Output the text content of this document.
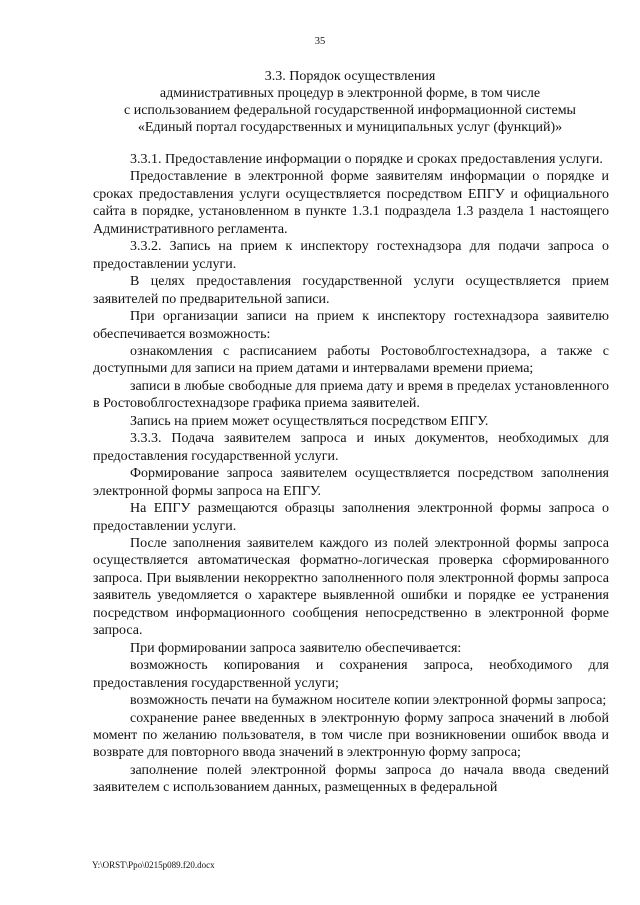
35
3.3. Порядок осуществления
административных процедур в электронной форме, в том числе
с использованием федеральной государственной информационной системы
«Единый портал государственных и муниципальных услуг (функций)»

3.3.1. Предоставление информации о порядке и сроках предоставления услуги.

Предоставление в электронной форме заявителям информации о порядке и сроках предоставления услуги осуществляется посредством ЕПГУ и официального сайта в порядке, установленном в пункте 1.3.1 подраздела 1.3 раздела 1 настоящего Административного регламента.

3.3.2. Запись на прием к инспектору гостехнадзора для подачи запроса о предоставлении услуги.

В целях предоставления государственной услуги осуществляется прием заявителей по предварительной записи.

При организации записи на прием к инспектору гостехнадзора заявителю обеспечивается возможность:

ознакомления с расписанием работы Ростовоблгостехнадзора, а также с доступными для записи на прием датами и интервалами времени приема;

записи в любые свободные для приема дату и время в пределах установленного в Ростовоблгостехнадзоре графика приема заявителей.

Запись на прием может осуществляться посредством ЕПГУ.

3.3.3. Подача заявителем запроса и иных документов, необходимых для предоставления государственной услуги.

Формирование запроса заявителем осуществляется посредством заполнения электронной формы запроса на ЕПГУ.

На ЕПГУ размещаются образцы заполнения электронной формы запроса о предоставлении услуги.

После заполнения заявителем каждого из полей электронной формы запроса осуществляется автоматическая форматно-логическая проверка сформированного запроса. При выявлении некорректно заполненного поля электронной формы запроса заявитель уведомляется о характере выявленной ошибки и порядке ее устранения посредством информационного сообщения непосредственно в электронной форме запроса.

При формировании запроса заявителю обеспечивается:

возможность копирования и сохранения запроса, необходимого для предоставления государственной услуги;

возможность печати на бумажном носителе копии электронной формы запроса;

сохранение ранее введенных в электронную форму запроса значений в любой момент по желанию пользователя, в том числе при возникновении ошибок ввода и возврате для повторного ввода значений в электронную форму запроса;

заполнение полей электронной формы запроса до начала ввода сведений заявителем с использованием данных, размещенных в федеральной

Y:\ORST\Ppo\0215p089.f20.docx
